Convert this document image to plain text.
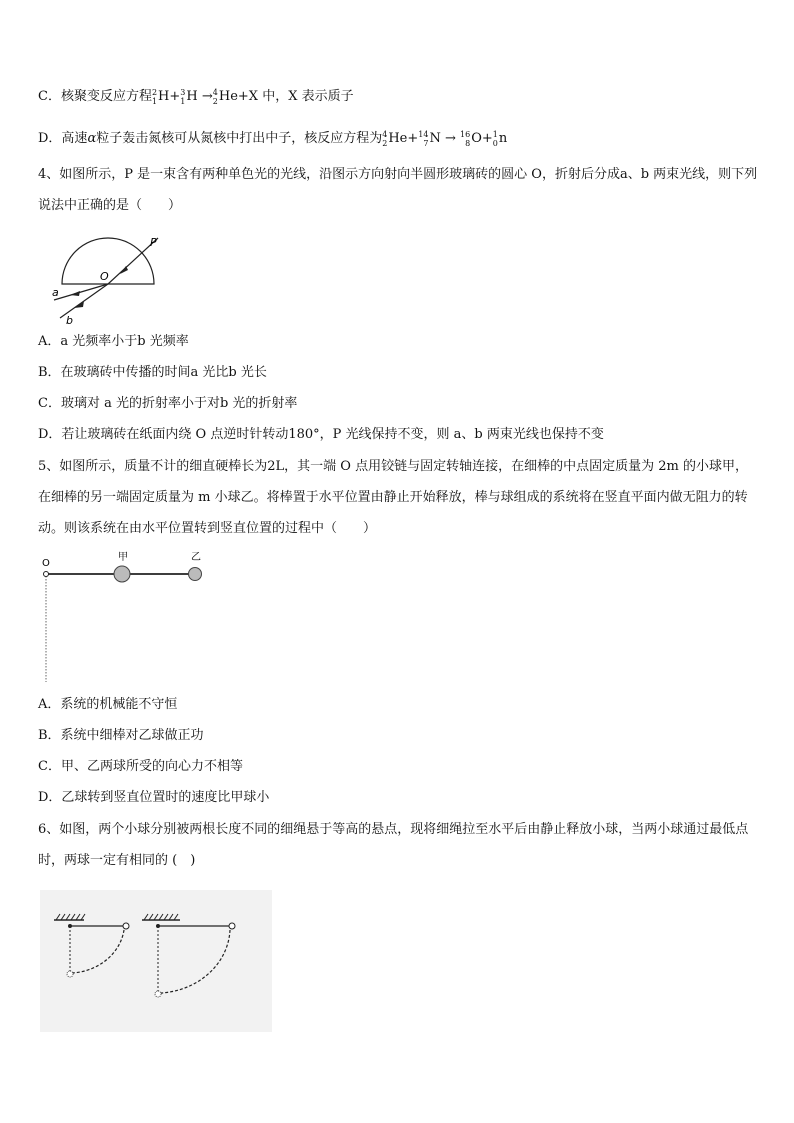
C．核聚变反应方程 2
1 H+ 3
1 H → 4
2 He+X 中，X 表示质子
D．高速α粒子轰击氮核可从氮核中打出中子，核反应方程为 4
2 He+ 14
7 N → 16
8 O+ 1
0 n
4、如图所示，P 是一束含有两种单色光的光线，沿图示方向射向半圆形玻璃砖的圆心 O，折射后分成a、b 两束光线，则下列说法中正确的是（　　）
P
O
a
b
A．a 光频率小于b 光频率
B．在玻璃砖中传播的时间a 光比b 光长
C．玻璃对 a 光的折射率小于对b 光的折射率
D．若让玻璃砖在纸面内绕 O 点逆时针转动180°，P 光线保持不变，则 a、b 两束光线也保持不变
5、如图所示，质量不计的细直硬棒长为2L，其一端 O 点用铰链与固定转轴连接，在细棒的中点固定质量为 2m 的小球甲，在细棒的另一端固定质量为 m 小球乙。将棒置于水平位置由静止开始释放，棒与球组成的系统将在竖直平面内做无阻力的转动。则该系统在由水平位置转到竖直位置的过程中（　　）
O
甲	乙
A．系统的机械能不守恒
B．系统中细棒对乙球做正功
C．甲、乙两球所受的向心力不相等
D．乙球转到竖直位置时的速度比甲球小
6、如图，两个小球分别被两根长度不同的细绳悬于等高的悬点，现将细绳拉至水平后由静止释放小球，当两小球通过最低点时，两球一定有相同的 (　)
